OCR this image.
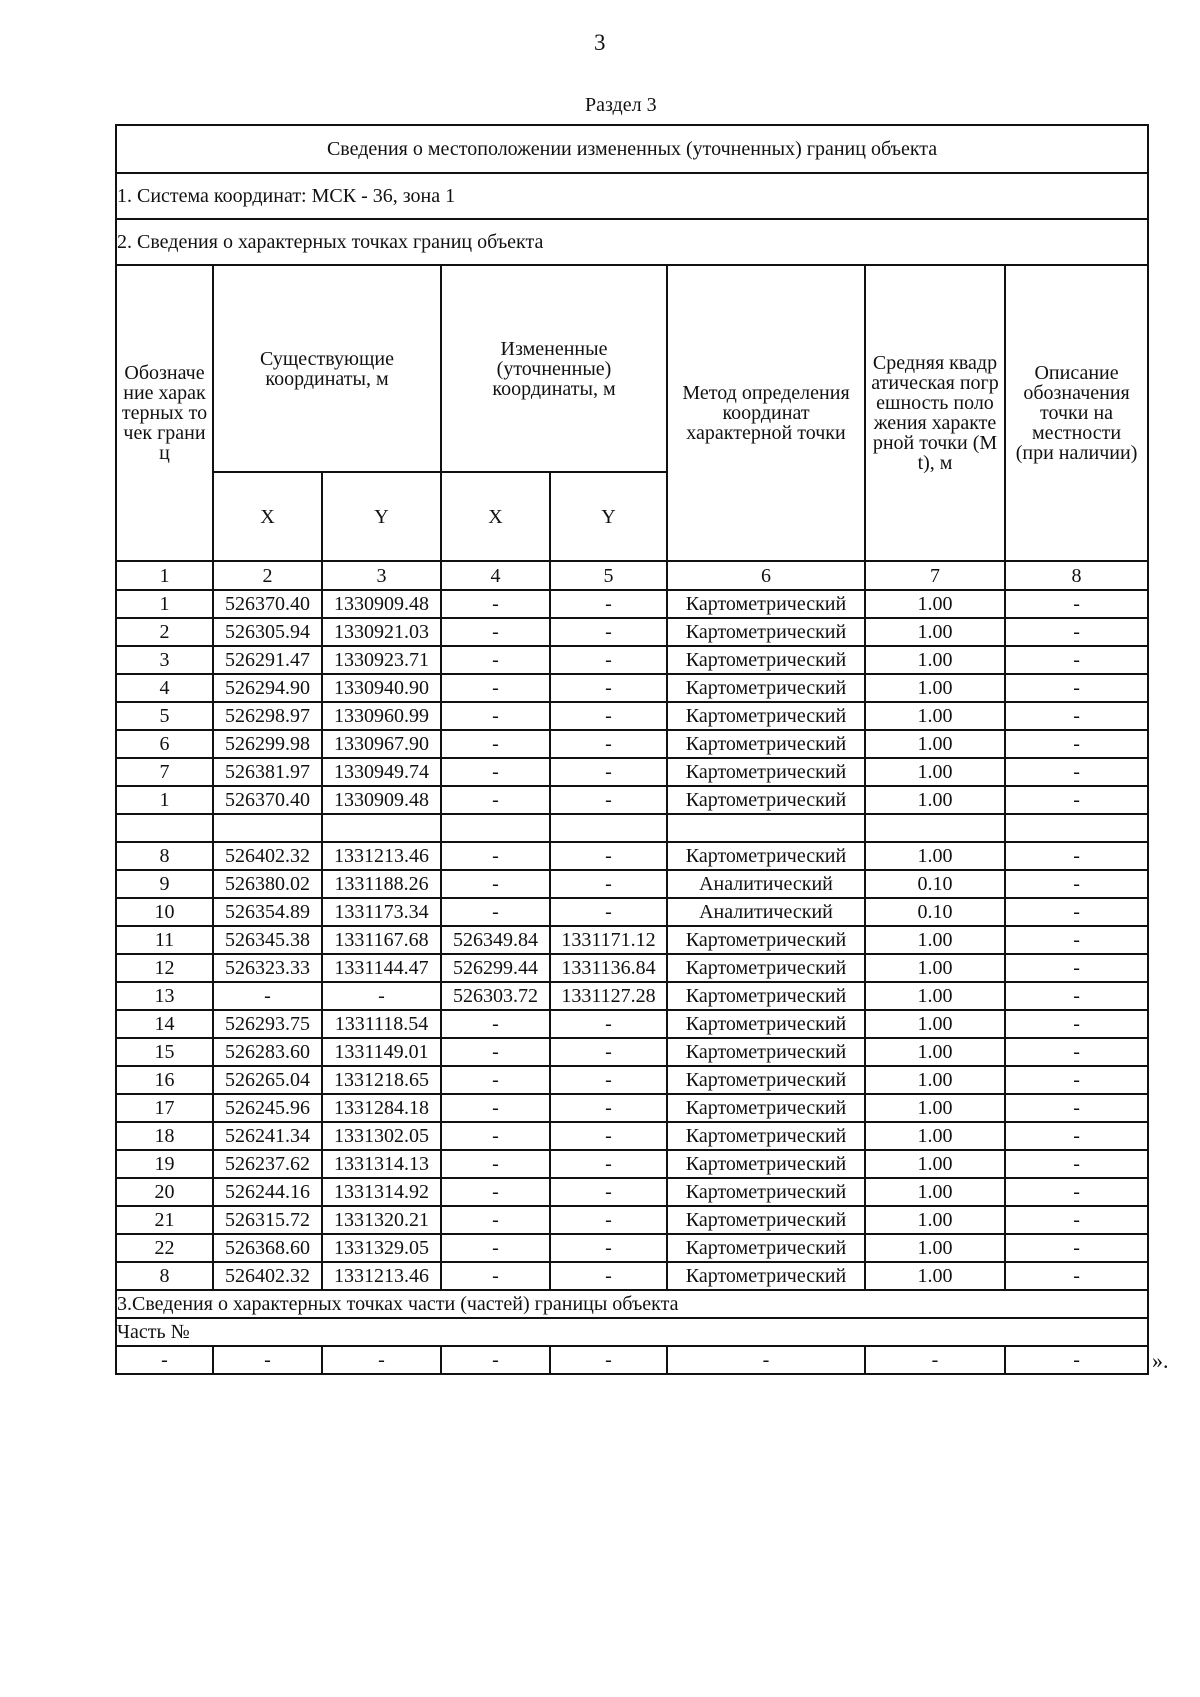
3
Раздел 3
Сведения о местоположении измененных (уточненных) границ объекта							
1. Система координат: МСК - 36, зона 1							
2. Сведения о характерных точках границ объекта							
Обозначение характерных точек границ	Существующие координаты, м		Измененные (уточненные) координаты, м		Метод определения координат характерной точки	Средняя квадратическая погрешность положения характерной точки (Mt), м	Описание обозначения точки на местности (при наличии)
	X	Y	X	Y			
1	2	3	4	5	6	7	8
1	526370.40	1330909.48	-	-	Картометрический	1.00	-
2	526305.94	1330921.03	-	-	Картометрический	1.00	-
3	526291.47	1330923.71	-	-	Картометрический	1.00	-
4	526294.90	1330940.90	-	-	Картометрический	1.00	-
5	526298.97	1330960.99	-	-	Картометрический	1.00	-
6	526299.98	1330967.90	-	-	Картометрический	1.00	-
7	526381.97	1330949.74	-	-	Картометрический	1.00	-
1	526370.40	1330909.48	-	-	Картометрический	1.00	-

8	526402.32	1331213.46	-	-	Картометрический	1.00	-
9	526380.02	1331188.26	-	-	Аналитический	0.10	-
10	526354.89	1331173.34	-	-	Аналитический	0.10	-
11	526345.38	1331167.68	526349.84	1331171.12	Картометрический	1.00	-
12	526323.33	1331144.47	526299.44	1331136.84	Картометрический	1.00	-
13	-	-	526303.72	1331127.28	Картометрический	1.00	-
14	526293.75	1331118.54	-	-	Картометрический	1.00	-
15	526283.60	1331149.01	-	-	Картометрический	1.00	-
16	526265.04	1331218.65	-	-	Картометрический	1.00	-
17	526245.96	1331284.18	-	-	Картометрический	1.00	-
18	526241.34	1331302.05	-	-	Картометрический	1.00	-
19	526237.62	1331314.13	-	-	Картометрический	1.00	-
20	526244.16	1331314.92	-	-	Картометрический	1.00	-
21	526315.72	1331320.21	-	-	Картометрический	1.00	-
22	526368.60	1331329.05	-	-	Картометрический	1.00	-
8	526402.32	1331213.46	-	-	Картометрический	1.00	-
3.Сведения о характерных точках части (частей) границы объекта							
Часть №							
-	-	-	-	-	-	-	-	».
